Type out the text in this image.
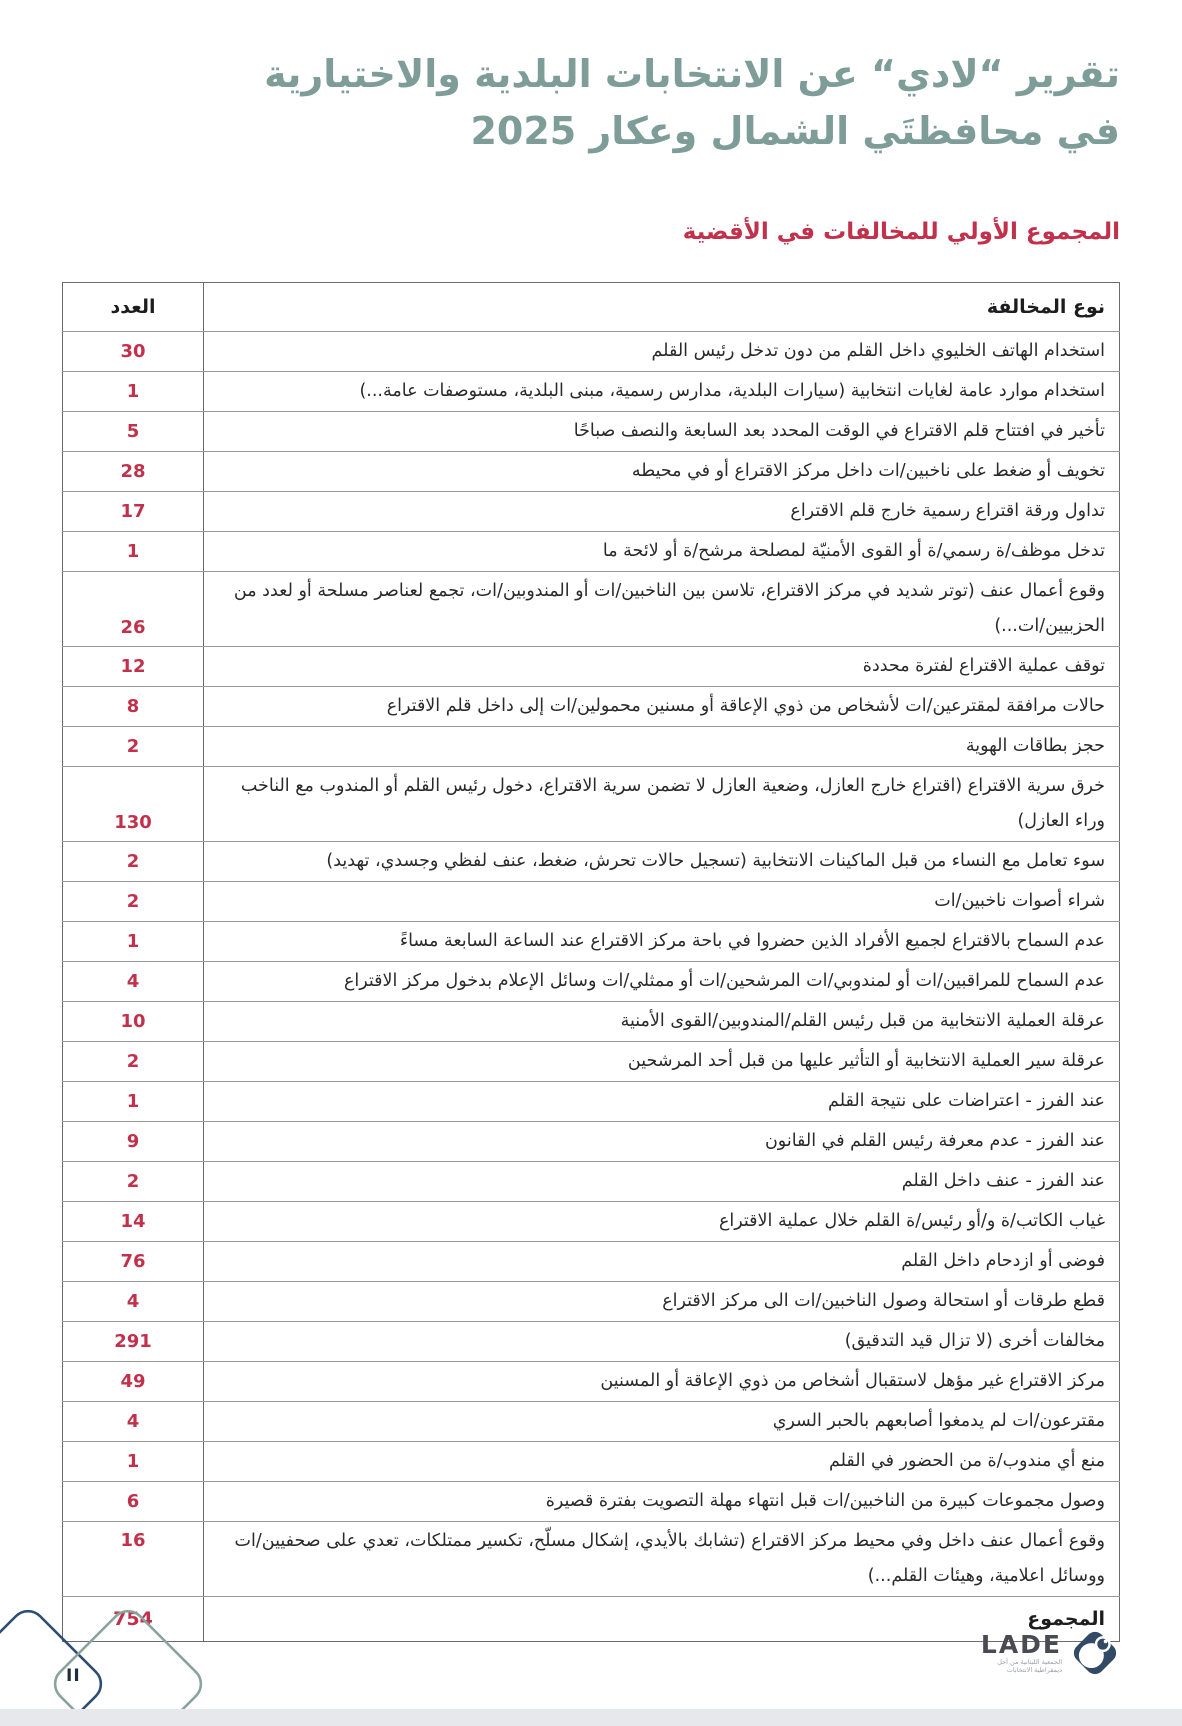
تقرير “لادي“ عن الانتخابات البلدية والاختيارية
في محافظتَي الشمال وعكار 2025
المجموع الأولي للمخالفات في الأقضية
نوع المخالفة	العدد
استخدام الهاتف الخليوي داخل القلم من دون تدخل رئيس القلم	30
استخدام موارد عامة لغايات انتخابية (سيارات البلدية، مدارس رسمية، مبنى البلدية، مستوصفات عامة...)	1
تأخير في افتتاح قلم الاقتراع في الوقت المحدد بعد السابعة والنصف صباحًا	5
تخويف أو ضغط على ناخبين/ات داخل مركز الاقتراع أو في محيطه	28
تداول ورقة اقتراع رسمية خارج قلم الاقتراع	17
تدخل موظف/ة رسمي/ة أو القوى الأمنيّة لمصلحة مرشح/ة أو لائحة ما	1
وقوع أعمال عنف (توتر شديد في مركز الاقتراع، تلاسن بين الناخبين/ات أو المندوبين/ات، تجمع لعناصر مسلحة أو لعدد من الحزبيين/ات...)	26
توقف عملية الاقتراع لفترة محددة	12
حالات مرافقة لمقترعين/ات لأشخاص من ذوي الإعاقة أو مسنين محمولين/ات إلى داخل قلم الاقتراع	8
حجز بطاقات الهوية	2
خرق سرية الاقتراع (اقتراع خارج العازل، وضعية العازل لا تضمن سرية الاقتراع، دخول رئيس القلم أو المندوب مع الناخب وراء العازل)	130
سوء تعامل مع النساء من قبل الماكينات الانتخابية (تسجيل حالات تحرش، ضغط، عنف لفظي وجسدي، تهديد)	2
شراء أصوات ناخبين/ات	2
عدم السماح بالاقتراع لجميع الأفراد الذين حضروا في باحة مركز الاقتراع عند الساعة السابعة مساءً	1
عدم السماح للمراقبين/ات أو لمندوبي/ات المرشحين/ات أو ممثلي/ات وسائل الإعلام بدخول مركز الاقتراع	4
عرقلة العملية الانتخابية من قبل رئيس القلم/المندوبين/القوى الأمنية	10
عرقلة سير العملية الانتخابية أو التأثير عليها من قبل أحد المرشحين	2
عند الفرز - اعتراضات على نتيجة القلم	1
عند الفرز - عدم معرفة رئيس القلم في القانون	9
عند الفرز - عنف داخل القلم	2
غياب الكاتب/ة و/أو رئيس/ة القلم خلال عملية الاقتراع	14
فوضى أو ازدحام داخل القلم	76
قطع طرقات أو استحالة وصول الناخبين/ات الى مركز الاقتراع	4
مخالفات أخرى (لا تزال قيد التدقيق)	291
مركز الاقتراع غير مؤهل لاستقبال أشخاص من ذوي الإعاقة أو المسنين	49
مقترعون/ات لم يدمغوا أصابعهم بالحبر السري	4
منع أي مندوب/ة من الحضور في القلم	1
وصول مجموعات كبيرة من الناخبين/ات قبل انتهاء مهلة التصويت بفترة قصيرة	6
وقوع أعمال عنف داخل وفي محيط مركز الاقتراع (تشابك بالأيدي، إشكال مسلّح، تكسير ممتلكات، تعدي على صحفيين/ات ووسائل اعلامية، وهيئات القلم...)	16
المجموع	754
II
LADE
الجمعية اللبنانية من أجل
ديمقراطية الانتخابات
